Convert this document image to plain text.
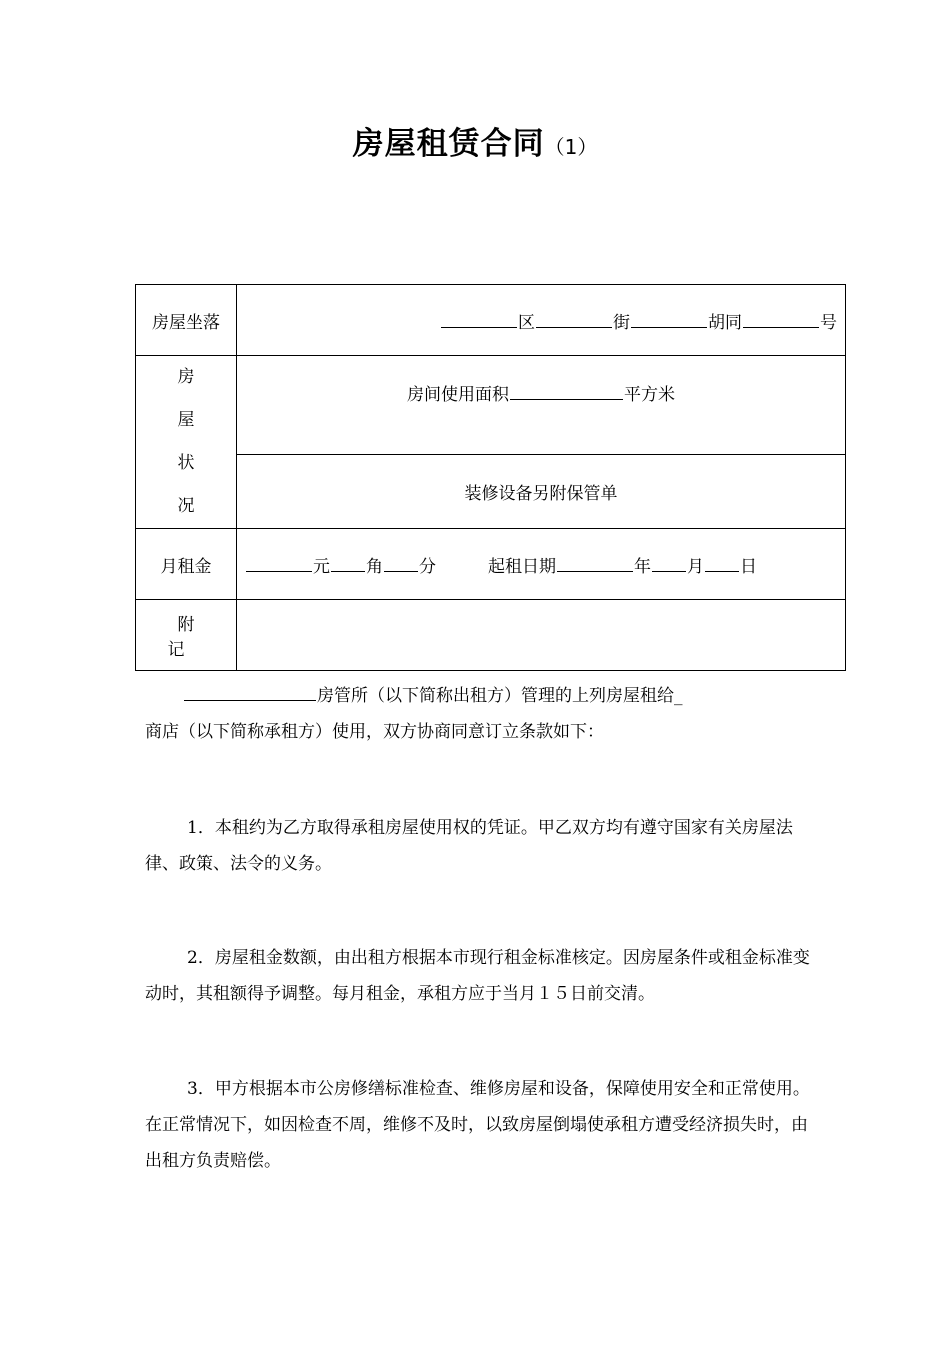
房屋租赁合同（1）
房屋坐落	区 街 胡同 号

房 屋
状 况	房间使用面积 平方米
	装修设备另附保管单
月租金	元 角 分 起租日期 年 月 日
附 记	

房管所（以下简称出租方）管理的上列房屋租给_
商店（以下简称承租方）使用，双方协商同意订立条款如下：

1．本租约为乙方取得承租房屋使用权的凭证。甲乙双方均有遵守国家有关房屋法律、政策、法令的义务。

2．房屋租金数额，由出租方根据本市现行租金标准核定。因房屋条件或租金标准变动时，其租额得予调整。每月租金，承租方应于当月１５日前交清。

3．甲方根据本市公房修缮标准检查、维修房屋和设备，保障使用安全和正常使用。在正常情况下，如因检查不周，维修不及时，以致房屋倒塌使承租方遭受经济损失时，由出租方负责赔偿。
